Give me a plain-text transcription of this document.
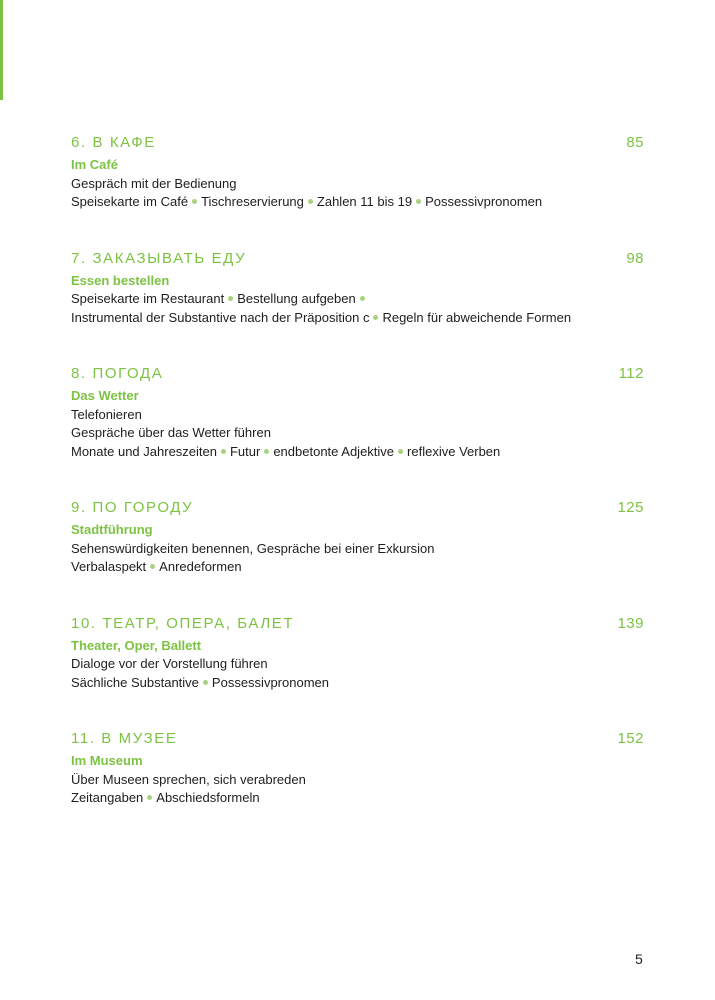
6. В КАФЕ	85
Im Café
Gespräch mit der Bedienung
Speisekarte im Café Tischreservierung Zahlen 11 bis 19 Possessivpronomen
7. ЗАКАЗЫВАТЬ ЕДУ	98
Essen bestellen
Speisekarte im Restaurant Bestellung aufgeben
Instrumental der Substantive nach der Präposition с Regeln für abweichende Formen
8. ПОГОДА	112
Das Wetter
Telefonieren
Gespräche über das Wetter führen
Monate und Jahreszeiten Futur endbetonte Adjektive reflexive Verben
9. ПО ГОРОДУ	125
Stadtführung
Sehenswürdigkeiten benennen, Gespräche bei einer Exkursion
Verbalaspekt Anredeformen
10. ТЕАТР, ОПЕРА, БАЛЕТ	139
Theater, Oper, Ballett
Dialoge vor der Vorstellung führen
Sächliche Substantive Possessivpronomen
11. В МУЗЕЕ	152
Im Museum
Über Museen sprechen, sich verabreden
Zeitangaben Abschiedsformeln
5
